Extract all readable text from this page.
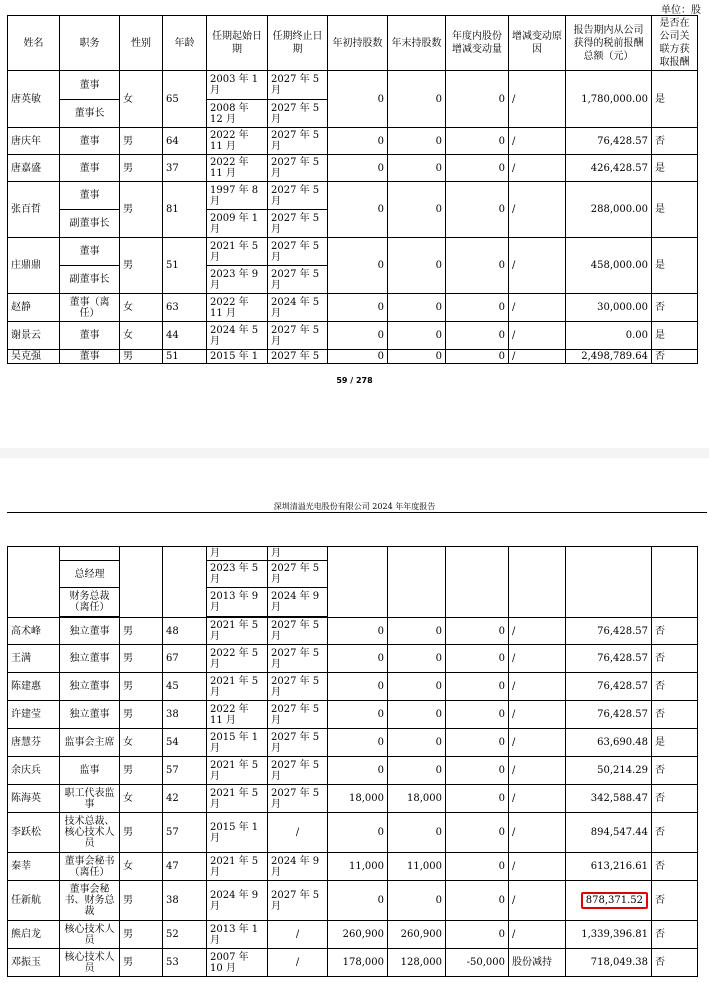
单位：股
姓名	职务	性别	年龄	任期起始日期	任期终止日期	年初持股数	年末持股数	年度内股份增减变动量	增减变动原因	报告期内从公司获得的税前报酬总额（元）	是否在公司关联方获取报酬
唐英敏	董事	女	65	2003 年 1 月	2027 年 5 月	0	0	0	/	1,780,000.00	是
	董事长			2008 年 12 月	2027 年 5 月						
唐庆年	董事	男	64	2022 年 11 月	2027 年 5 月	0	0	0	/	76,428.57	否
唐嘉盛	董事	男	37	2022 年 11 月	2027 年 5 月	0	0	0	/	426,428.57	是
张百哲	董事	男	81	1997 年 8 月	2027 年 5 月	0	0	0	/	288,000.00	是
	副董事长			2009 年 1 月	2027 年 5 月						
庄鼎鼎	董事	男	51	2021 年 5 月	2027 年 5 月	0	0	0	/	458,000.00	是
	副董事长			2023 年 9 月	2027 年 5 月						
赵静	董事（离任）	女	63	2022 年 11 月	2024 年 5 月	0	0	0	/	30,000.00	否
谢景云	董事	女	44	2024 年 5 月	2027 年 5 月	0	0	0	/	0.00	是
吴克强	董事	男	51	2015 年 1	2027 年 5	0	0	0	/	2,498,789.64	否
59 / 278
深圳清溢光电股份有限公司 2024 年年度报告
				月	月						
	总经理			2023 年 5 月	2027 年 5 月						
	财务总裁（离任）			2013 年 9 月	2024 年 9 月						

高术峰	独立董事	男	48	2021 年 5 月	2027 年 5 月	0	0	0	/	76,428.57	否
王满	独立董事	男	67	2022 年 5 月	2027 年 5 月	0	0	0	/	76,428.57	否
陈建惠	独立董事	男	45	2021 年 5 月	2027 年 5 月	0	0	0	/	76,428.57	否
许建莹	独立董事	男	38	2022 年 11 月	2027 年 5 月	0	0	0	/	76,428.57	否
唐慧芬	监事会主席	女	54	2015 年 1 月	2027 年 5 月	0	0	0	/	63,690.48	是
余庆兵	监事	男	57	2021 年 5 月	2027 年 5 月	0	0	0	/	50,214.29	否
陈海英	职工代表监事	女	42	2021 年 5 月	2027 年 5 月	18,000	18,000	0	/	342,588.47	否
李跃松	技术总裁、核心技术人员	男	57	2015 年 1 月	/	0	0	0	/	894,547.44	否
秦莘	董事会秘书（离任）	女	47	2021 年 5 月	2024 年 9 月	11,000	11,000	0	/	613,216.61	否
任新航	董事会秘书、财务总裁	男	38	2024 年 9 月	2027 年 5 月	0	0	0	/	878,371.52	否
熊启龙	核心技术人员	男	52	2013 年 1 月	/	260,900	260,900	0	/	1,339,396.81	否
邓振玉	核心技术人员	男	53	2007 年 10 月	/	178,000	128,000	-50,000	股份减持	718,049.38	否
